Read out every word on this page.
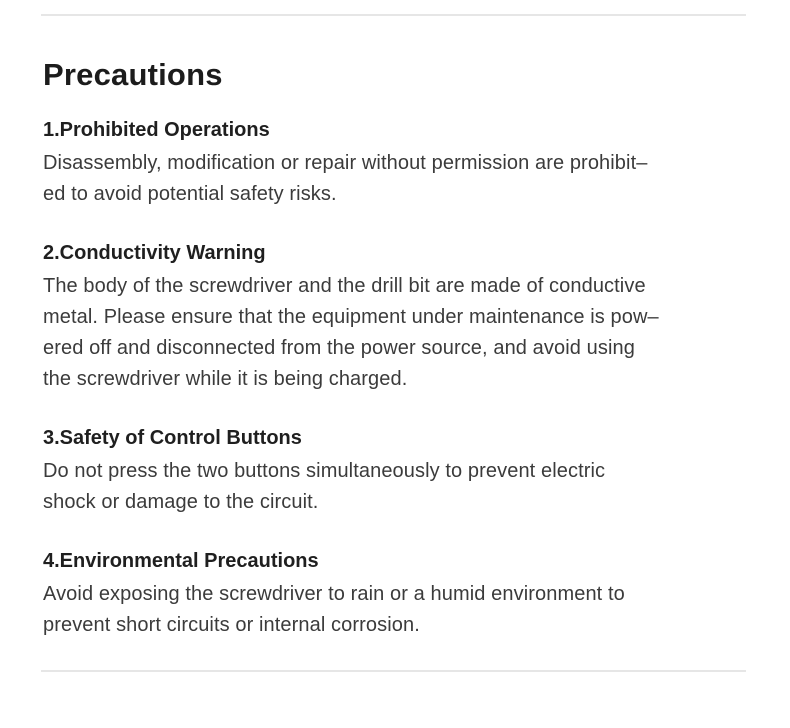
Precautions

1.Prohibited Operations

Disassembly, modification or repair without permission are prohibit–
ed to avoid potential safety risks.

2.Conductivity Warning

The body of the screwdriver and the drill bit are made of conductive
metal. Please ensure that the equipment under maintenance is pow–
ered off and disconnected from the power source, and avoid using
the screwdriver while it is being charged.

3.Safety of Control Buttons

Do not press the two buttons simultaneously to prevent electric
shock or damage to the circuit.

4.Environmental Precautions

Avoid exposing the screwdriver to rain or a humid environment to
prevent short circuits or internal corrosion.
